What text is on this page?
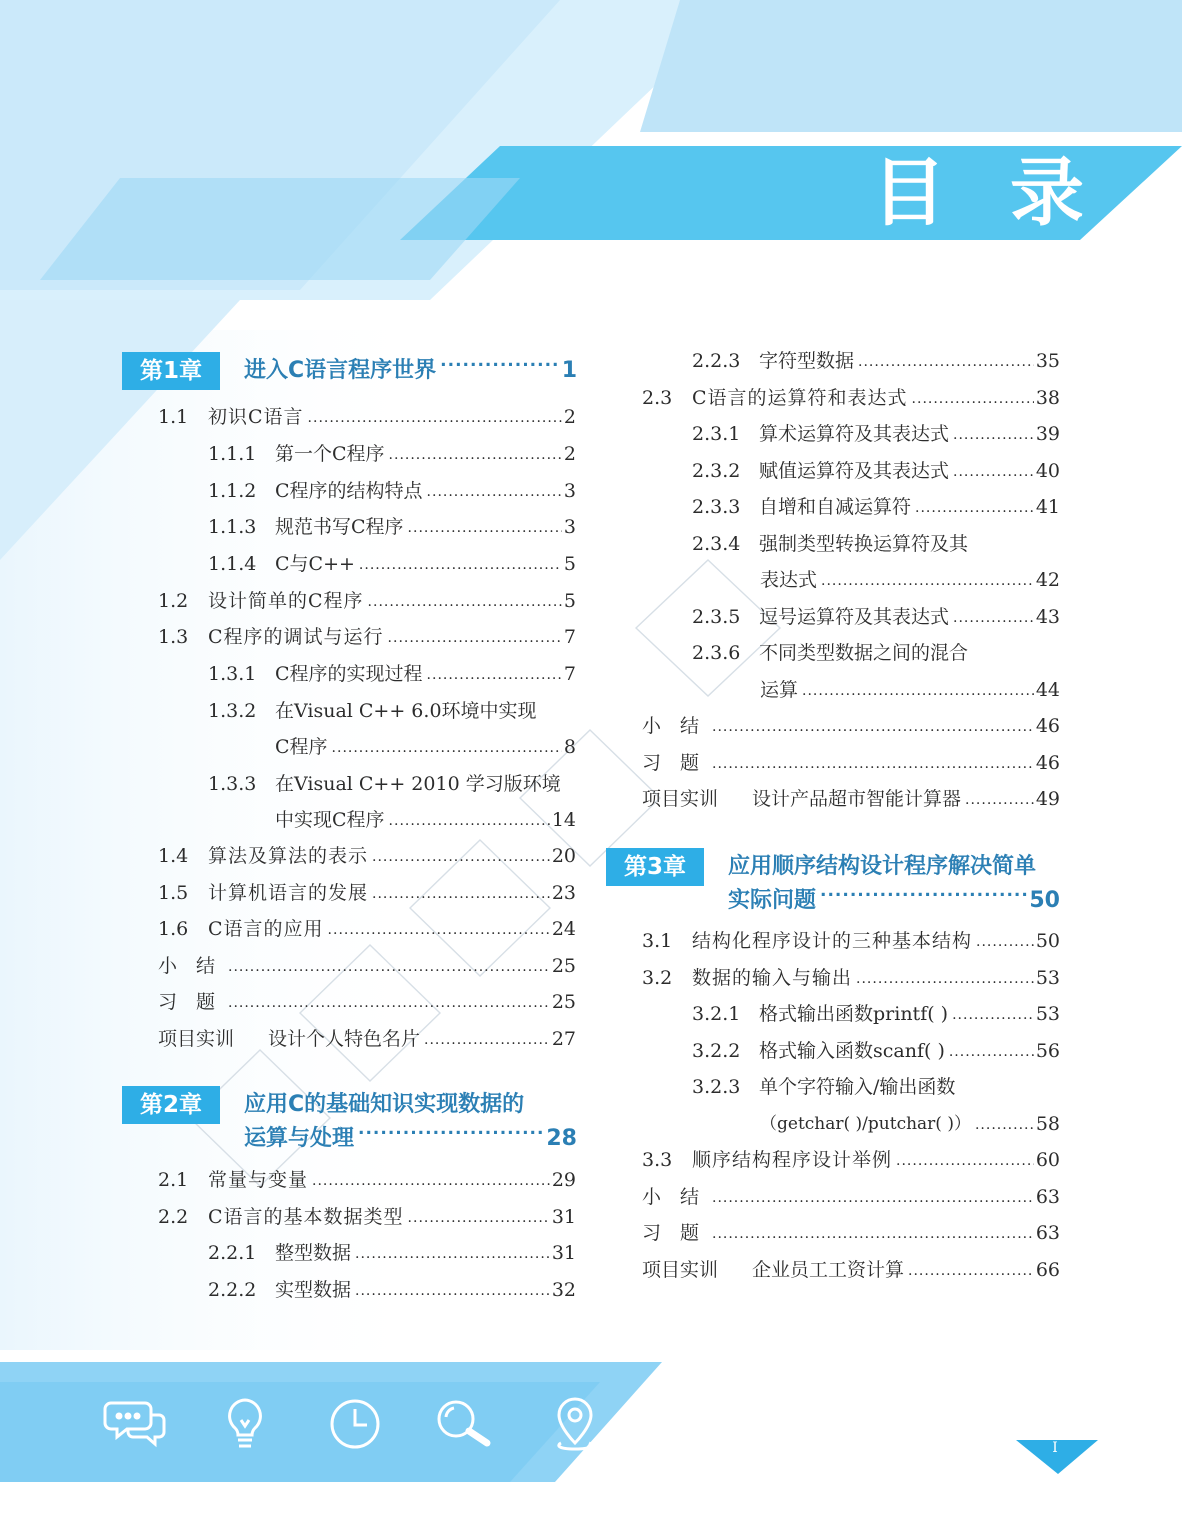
目录
第1章	进入C语言程序世界 .....	1
1.1	初识C语言 .....	2
1.1.1 第一个C程序 .....	2
1.1.2 C程序的结构特点 .....	3
1.1.3 规范书写C程序 .....	3
1.1.4 C与C++ .....	5
1.2	设计简单的C程序 .....	5
1.3	C程序的调试与运行 .....	7
1.3.1 C程序的实现过程 .....	7
1.3.2 在Visual C++ 6.0环境中实现
C程序 .....	8
1.3.3 在Visual C++ 2010 学习版环境
中实现C程序 .....	14
1.4	算法及算法的表示 .....	20
1.5	计算机语言的发展 .....	23
1.6	C语言的应用 .....	24
小　结 .....	25
习　题 .....	25
项目实训	设计个人特色名片 .....	27
第2章	应用C的基础知识实现数据的
运算与处理 .....	28
2.1	常量与变量 .....	29
2.2	C语言的基本数据类型 .....	31
2.2.1 整型数据 .....	31
2.2.2 实型数据 .....	32
2.2.3 字符型数据 .....	35
2.3	C语言的运算符和表达式 .....	38
2.3.1 算术运算符及其表达式 .....	39
2.3.2 赋值运算符及其表达式 .....	40
2.3.3 自增和自减运算符 .....	41
2.3.4 强制类型转换运算符及其
表达式 .....	42
2.3.5 逗号运算符及其表达式 .....	43
2.3.6 不同类型数据之间的混合
运算 .....	44
小　结 .....	46
习　题 .....	46
项目实训	设计产品超市智能计算器 .....	49
第3章	应用顺序结构设计程序解决简单
实际问题 .....	50
3.1	结构化程序设计的三种基本结构 .....	50
3.2	数据的输入与输出 .....	53
3.2.1 格式输出函数printf( ) .....	53
3.2.2 格式输入函数scanf( ) .....	56
3.2.3 单个字符输入/输出函数
（getchar( )/putchar( )） .....	58
3.3	顺序结构程序设计举例 .....	60
小　结 .....	63
习　题 .....	63
项目实训	企业员工工资计算 .....	66
I
